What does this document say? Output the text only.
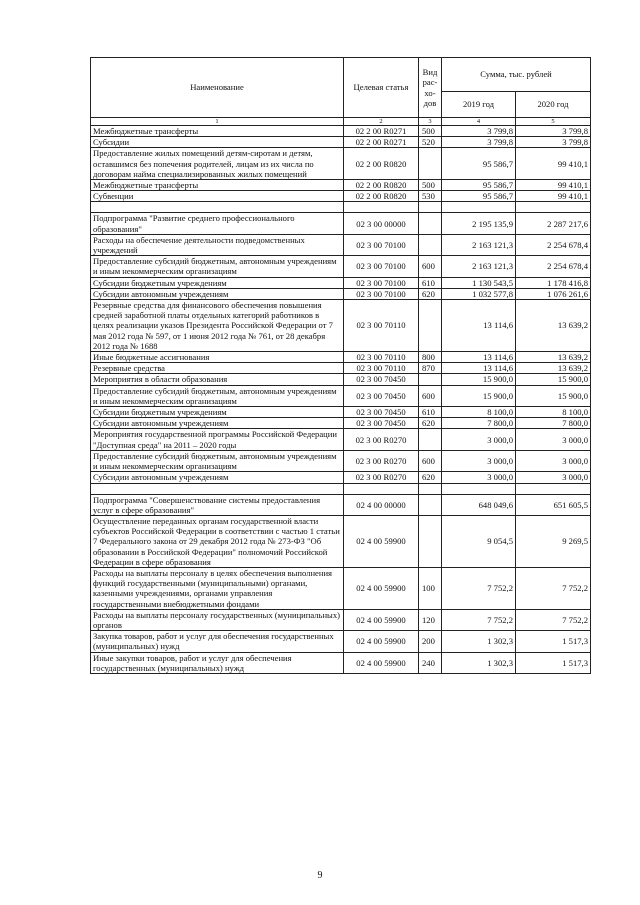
Наименование	Целевая статья	Вид рас- хо- дов	Сумма, тыс. рублей	
			2019 год	2020 год
1	2	3	4	5
Межбюджетные трансферты	02 2 00 R0271	500	3 799,8	3 799,8
Субсидии	02 2 00 R0271	520	3 799,8	3 799,8
Предоставление жилых помещений детям-сиротам и детям, оставшимся без попечения родителей, лицам из их числа по договорам найма специализированных жилых помещений	02 2 00 R0820		95 586,7	99 410,1
Межбюджетные трансферты	02 2 00 R0820	500	95 586,7	99 410,1
Субвенции	02 2 00 R0820	530	95 586,7	99 410,1

Подпрограмма "Развитие среднего профессионального образования"	02 3 00 00000		2 195 135,9	2 287 217,6
Расходы на обеспечение деятельности подведомственных учреждений	02 3 00 70100		2 163 121,3	2 254 678,4
Предоставление субсидий бюджетным, автономным учреждениям и иным некоммерческим организациям	02 3 00 70100	600	2 163 121,3	2 254 678,4
Субсидии бюджетным учреждениям	02 3 00 70100	610	1 130 543,5	1 178 416,8
Субсидии автономным учреждениям	02 3 00 70100	620	1 032 577,8	1 076 261,6
Резервные средства для финансового обеспечения повышения средней заработной платы отдельных категорий работников в целях реализации указов Президента Российской Федерации от 7 мая 2012 года № 597, от 1 июня 2012 года № 761, от 28 декабря 2012 года № 1688	02 3 00 70110		13 114,6	13 639,2
Иные бюджетные ассигнования	02 3 00 70110	800	13 114,6	13 639,2
Резервные средства	02 3 00 70110	870	13 114,6	13 639,2
Мероприятия в области образования	02 3 00 70450		15 900,0	15 900,0
Предоставление субсидий бюджетным, автономным учреждениям и иным некоммерческим организациям	02 3 00 70450	600	15 900,0	15 900,0
Субсидии бюджетным учреждениям	02 3 00 70450	610	8 100,0	8 100,0
Субсидии автономным учреждениям	02 3 00 70450	620	7 800,0	7 800,0
Мероприятия государственной программы Российской Федерации "Доступная среда" на 2011 – 2020 годы	02 3 00 R0270		3 000,0	3 000,0
Предоставление субсидий бюджетным, автономным учреждениям и иным некоммерческим организациям	02 3 00 R0270	600	3 000,0	3 000,0
Субсидии автономным учреждениям	02 3 00 R0270	620	3 000,0	3 000,0

Подпрограмма "Совершенствование системы предоставления услуг в сфере образования"	02 4 00 00000		648 049,6	651 605,5
Осуществление переданных органам государственной власти субъектов Российской Федерации в соответствии с частью 1 статьи 7 Федерального закона от 29 декабря 2012 года № 273-ФЗ "Об образовании в Российской Федерации" полномочий Российской Федерации в сфере образования	02 4 00 59900		9 054,5	9 269,5
Расходы на выплаты персоналу в целях обеспечения выполнения функций государственными (муниципальными) органами, казенными учреждениями, органами управления государственными внебюджетными фондами	02 4 00 59900	100	7 752,2	7 752,2
Расходы на выплаты персоналу государственных (муниципальных) органов	02 4 00 59900	120	7 752,2	7 752,2
Закупка товаров, работ и услуг для обеспечения государственных (муниципальных) нужд	02 4 00 59900	200	1 302,3	1 517,3
Иные закупки товаров, работ и услуг для обеспечения государственных (муниципальных) нужд	02 4 00 59900	240	1 302,3	1 517,3
9
